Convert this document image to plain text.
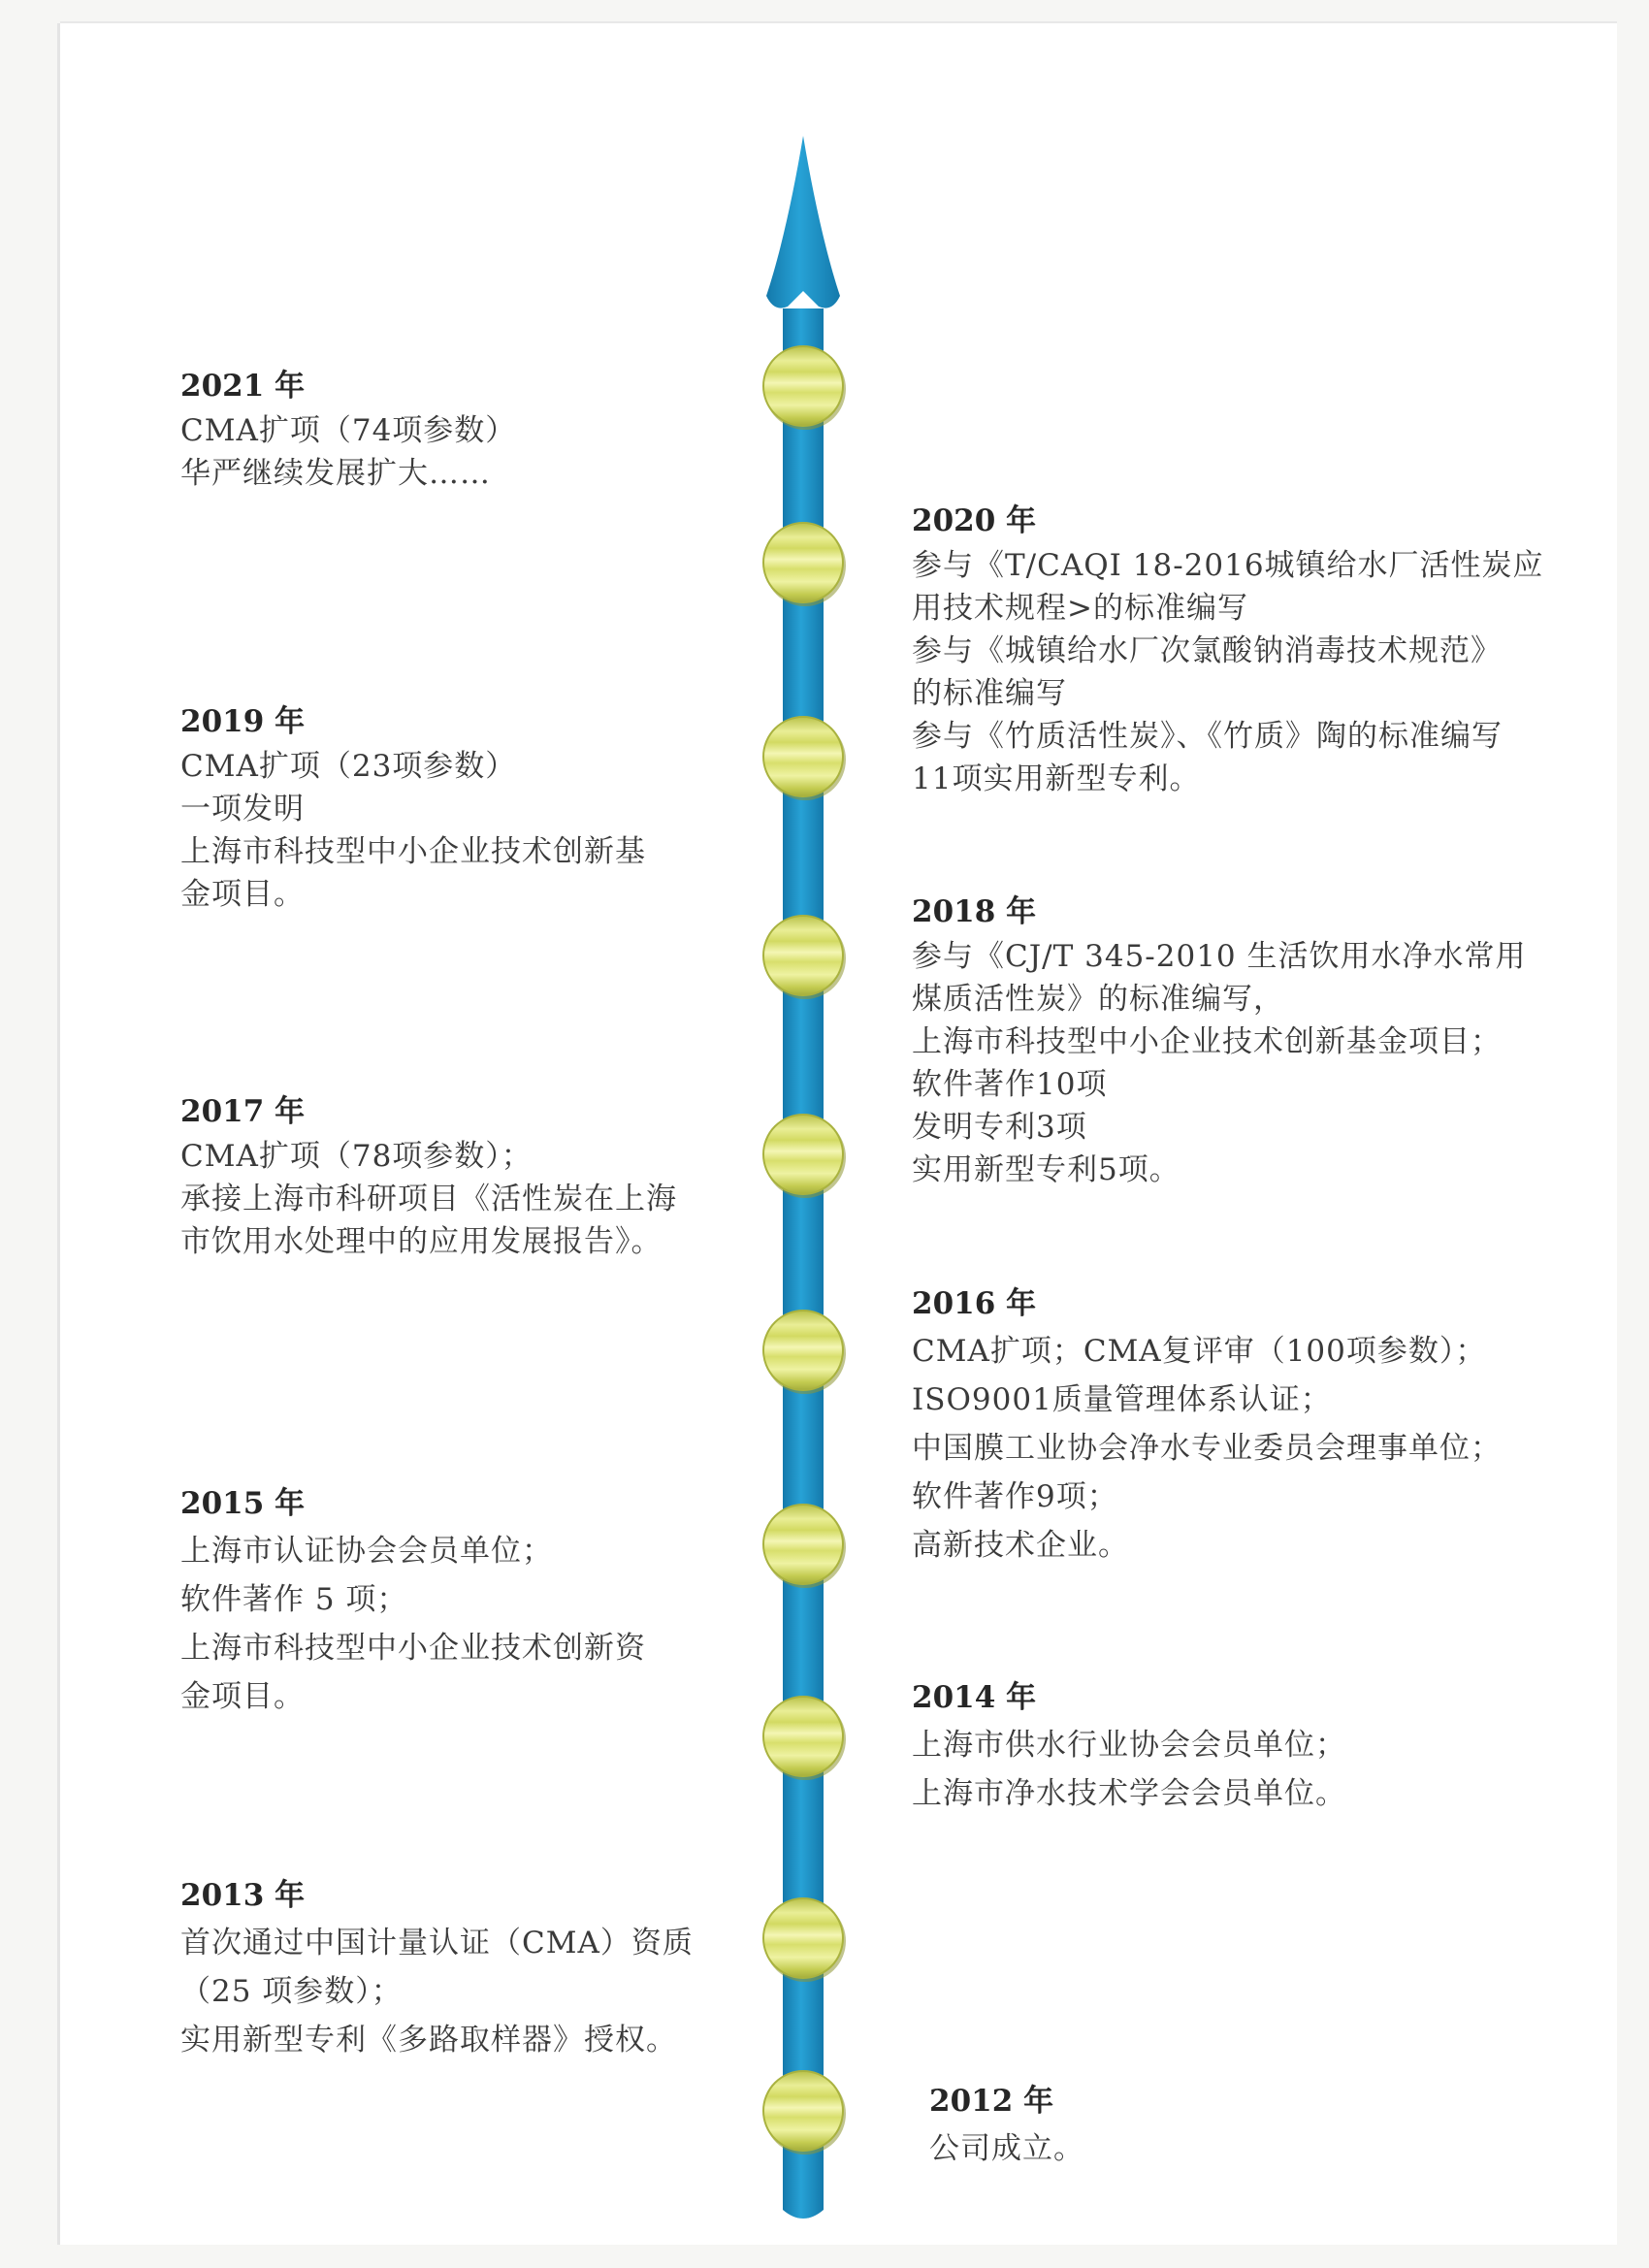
2021 年
CMA扩项（74项参数）
华严继续发展扩大……
2020 年
参与《T/CAQI 18-2016城镇给水厂活性炭应
用技术规程>的标准编写
参与《城镇给水厂次氯酸钠消毒技术规范》
的标准编写
参与《竹质活性炭》、《竹质》陶的标准编写
11项实用新型专利。
2019 年
CMA扩项（23项参数）
一项发明
上海市科技型中小企业技术创新基
金项目。	2018 年
参与《CJ/T 345-2010 生活饮用水净水常用
煤质活性炭》的标准编写，
上海市科技型中小企业技术创新基金项目；
软件著作10项
发明专利3项
实用新型专利5项。
2017 年
CMA扩项（78项参数）；
承接上海市科研项目《活性炭在上海
市饮用水处理中的应用发展报告》。
2016 年
CMA扩项；CMA复评审（100项参数）；
ISO9001质量管理体系认证；
中国膜工业协会净水专业委员会理事单位；
软件著作9项；
高新技术企业。
2015 年
上海市认证协会会员单位；
软件著作 5 项；
上海市科技型中小企业技术创新资
金项目。	2014 年
上海市供水行业协会会员单位；
上海市净水技术学会会员单位。
2013 年
首次通过中国计量认证（CMA）资质
（25 项参数）；
实用新型专利《多路取样器》授权。
2012 年
公司成立。
